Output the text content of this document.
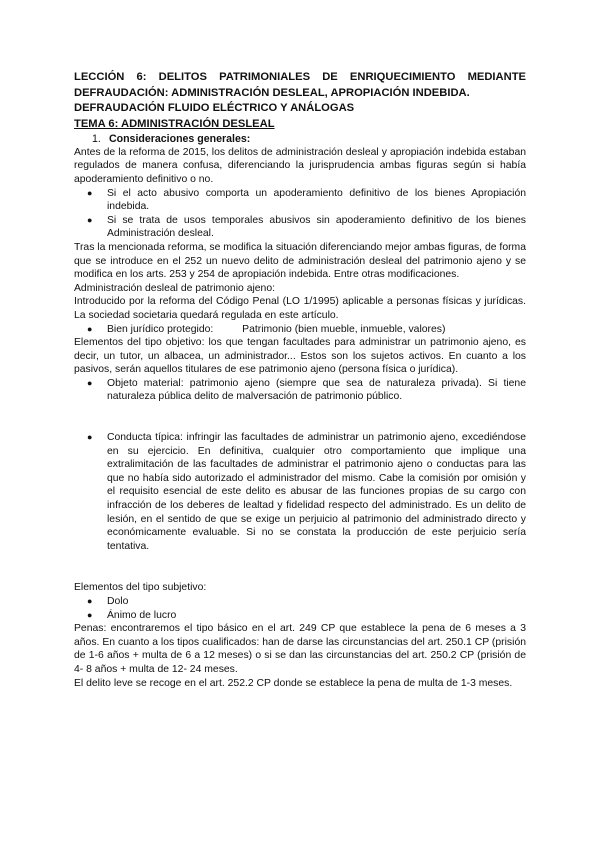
LECCIÓN 6: DELITOS PATRIMONIALES DE ENRIQUECIMIENTO MEDIANTE DEFRAUDACIÓN: ADMINISTRACIÓN DESLEAL, APROPIACIÓN INDEBIDA.
DEFRAUDACIÓN FLUIDO ELÉCTRICO Y ANÁLOGAS
TEMA 6: ADMINISTRACIÓN DESLEAL
1. Consideraciones generales:

Antes de la reforma de 2015, los delitos de administración desleal y apropiación indebida estaban regulados de manera confusa, diferenciando la jurisprudencia ambas figuras según si había apoderamiento definitivo o no.

● Si el acto abusivo comporta un apoderamiento definitivo de los bienes Apropiación indebida.
● Si se trata de usos temporales abusivos sin apoderamiento definitivo de los bienes Administración desleal.

Tras la mencionada reforma, se modifica la situación diferenciando mejor ambas figuras, de forma que se introduce en el 252 un nuevo delito de administración desleal del patrimonio ajeno y se modifica en los arts. 253 y 254 de apropiación indebida. Entre otras modificaciones.

Administración desleal de patrimonio ajeno:

Introducido por la reforma del Código Penal (LO 1/1995) aplicable a personas físicas y jurídicas. La sociedad societaria quedará regulada en este artículo.

● Bien jurídico protegido:          Patrimonio (bien mueble, inmueble, valores)

Elementos del tipo objetivo: los que tengan facultades para administrar un patrimonio ajeno, es decir, un tutor, un albacea, un administrador... Estos son los sujetos activos. En cuanto a los pasivos, serán aquellos titulares de ese patrimonio ajeno (persona física o jurídica).

● Objeto material: patrimonio ajeno (siempre que sea de naturaleza privada). Si tiene naturaleza pública delito de malversación de patrimonio público.
● Conducta típica: infringir las facultades de administrar un patrimonio ajeno, excediéndose en su ejercicio. En definitiva, cualquier otro comportamiento que implique una extralimitación de las facultades de administrar el patrimonio ajeno o conductas para las que no había sido autorizado el administrador del mismo. Cabe la comisión por omisión y el requisito esencial de este delito es abusar de las funciones propias de su cargo con infracción de los deberes de lealtad y fidelidad respecto del administrado. Es un delito de lesión, en el sentido de que se exige un perjuicio al patrimonio del administrado directo y económicamente evaluable. Si no se constata la producción de este perjuicio sería tentativa.

Elementos del tipo subjetivo:

● Dolo
● Ánimo de lucro

Penas: encontraremos el tipo básico en el art. 249 CP que establece la pena de 6 meses a 3 años. En cuanto a los tipos cualificados: han de darse las circunstancias del art. 250.1 CP (prisión de 1-6 años + multa de 6 a 12 meses) o si se dan las circunstancias del art. 250.2 CP (prisión de 4- 8 años + multa de 12- 24 meses.

El delito leve se recoge en el art. 252.2 CP donde se establece la pena de multa de 1-3 meses.
